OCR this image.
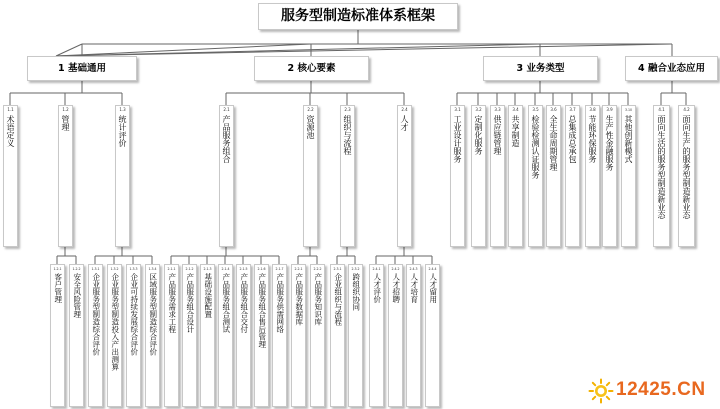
服务型制造标准体系框架
1 基础通用	2 核心要素	3 业务类型	4 融合业态应用
1.1
术语定义
1.2
管理
1.3
统计评价
2.1
产品服务组合
2.2
资源池
2.3
组织与流程
2.4
人才
3.1
工业设计服务
3.2
定制化服务
3.3
供应链管理
3.4
共享制造
3.5
检验检测认证服务
3.6
全生命周期管理
3.7
总集成总承包
3.8
节能环保服务
3.9
生产性金融服务
3.10
其他创新模式
4.1
面向生活的服务型制造新业态
4.2
面向生产的服务型制造新业态
1.2.1
客户管理
1.2.2
安全风险管理
1.3.1
企业服务型制造综合评价
1.3.2
企业服务型制造投入产出测算
1.3.3
企业可持续发展综合评价
1.3.4
区域服务型制造综合评价
2.1.1
产品服务需求工程
2.1.2
产品服务组合设计
2.1.3
基础设施配置
2.1.4
产品服务组合测试
2.1.5
产品服务组合交付
2.1.6
产品服务组合售后管理
2.1.7
产品服务供需网络
2.2.1
产品服务数据库
2.2.2
产品服务知识库
2.3.1
企业组织与流程
2.3.2
跨组织协同
2.4.1
人才评价
2.4.2
人才招聘
2.4.3
人才培育
2.4.4
人才留用
12425.CN
